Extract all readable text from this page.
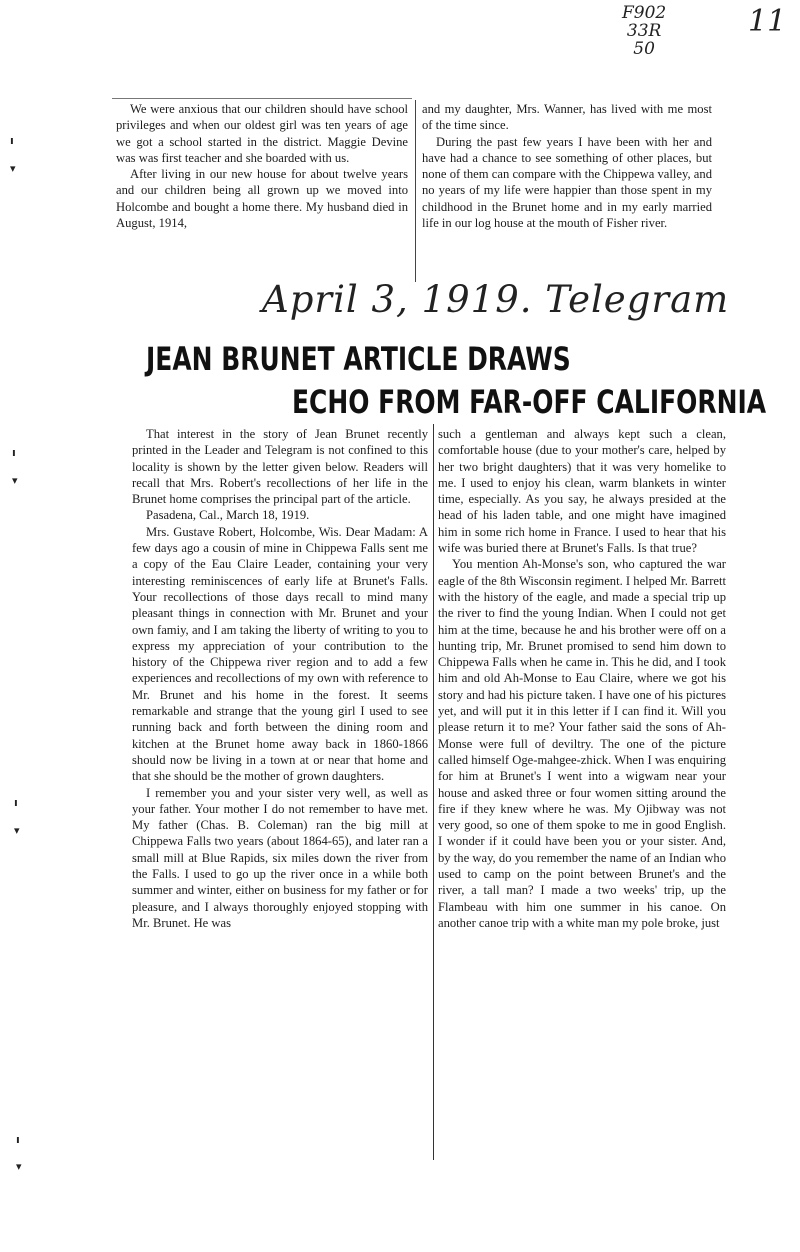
F902
33R
50
11
ı
▾
ı
▾
ı
▾
ı
▾

We were anxious that our children should have school privileges and when our oldest girl was ten years of age we got a school started in the district. Maggie Devine was was first teacher and she boarded with us.

After living in our new house for about twelve years and our children being all grown up we moved into Holcombe and bought a home there. My husband died in August, 1914,

and my daughter, Mrs. Wanner, has lived with me most of the time since.

During the past few years I have been with her and have had a chance to see something of other places, but none of them can compare with the Chippewa valley, and no years of my life were happier than those spent in my childhood in the Brunet home and in my early married life in our log house at the mouth of Fisher river.

April 3, 1919. Telegram
JEAN BRUNET ARTICLE DRAWS
ECHO FROM FAR-OFF CALIFORNIA

That interest in the story of Jean Brunet recently printed in the Leader and Telegram is not confined to this locality is shown by the letter given below. Readers will recall that Mrs. Robert's recollections of her life in the Brunet home comprises the principal part of the article.

Pasadena, Cal., March 18, 1919.

Mrs. Gustave Robert, Holcombe, Wis. Dear Madam: A few days ago a cousin of mine in Chippewa Falls sent me a copy of the Eau Claire Leader, containing your very interesting reminiscences of early life at Brunet's Falls. Your recollections of those days recall to mind many pleasant things in connection with Mr. Brunet and your own famiy, and I am taking the liberty of writing to you to express my appreciation of your contribution to the history of the Chippewa river region and to add a few experiences and recollections of my own with reference to Mr. Brunet and his home in the forest. It seems remarkable and strange that the young girl I used to see running back and forth between the dining room and kitchen at the Brunet home away back in 1860-1866 should now be living in a town at or near that home and that she should be the mother of grown daughters.

I remember you and your sister very well, as well as your father. Your mother I do not remember to have met. My father (Chas. B. Coleman) ran the big mill at Chippewa Falls two years (about 1864-65), and later ran a small mill at Blue Rapids, six miles down the river from the Falls. I used to go up the river once in a while both summer and winter, either on business for my father or for pleasure, and I always thoroughly enjoyed stopping with Mr. Brunet. He was

such a gentleman and always kept such a clean, comfortable house (due to your mother's care, helped by her two bright daughters) that it was very homelike to me. I used to enjoy his clean, warm blankets in winter time, especially. As you say, he always presided at the head of his laden table, and one might have imagined him in some rich home in France. I used to hear that his wife was buried there at Brunet's Falls. Is that true?

You mention Ah-Monse's son, who captured the war eagle of the 8th Wisconsin regiment. I helped Mr. Barrett with the history of the eagle, and made a special trip up the river to find the young Indian. When I could not get him at the time, because he and his brother were off on a hunting trip, Mr. Brunet promised to send him down to Chippewa Falls when he came in. This he did, and I took him and old Ah-Monse to Eau Claire, where we got his story and had his picture taken. I have one of his pictures yet, and will put it in this letter if I can find it. Will you please return it to me? Your father said the sons of Ah-Monse were full of deviltry. The one of the picture called himself Oge-mahgee-zhick. When I was enquiring for him at Brunet's I went into a wigwam near your house and asked three or four women sitting around the fire if they knew where he was. My Ojibway was not very good, so one of them spoke to me in good English. I wonder if it could have been you or your sister. And, by the way, do you remember the name of an Indian who used to camp on the point between Brunet's and the river, a tall man? I made a two weeks' trip, up the Flambeau with him one summer in his canoe. On another canoe trip with a white man my pole broke, just
